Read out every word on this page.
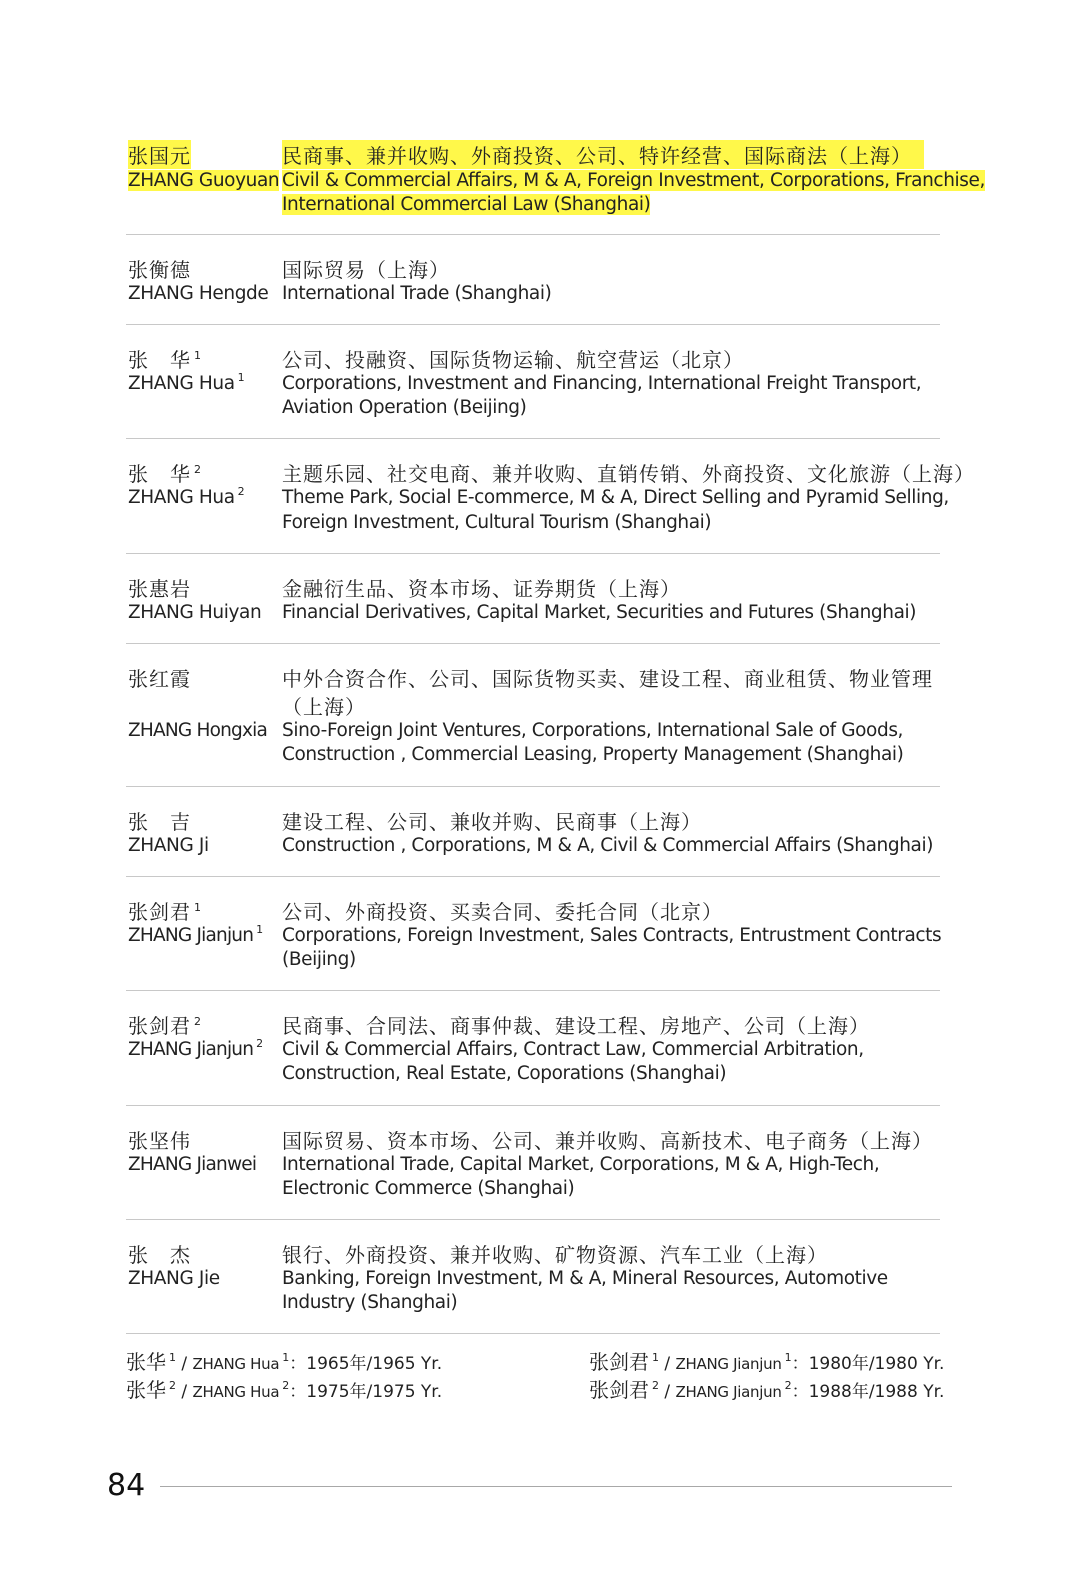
张国元
ZHANG Guoyuan
民商事、兼并收购、外商投资、公司、特许经营、国际商法（上海）
Civil & Commercial Affairs, M & A, Foreign Investment, Corporations, Franchise,
International Commercial Law (Shanghai)
张衡德
ZHANG Hengde
国际贸易（上海）
International Trade (Shanghai)
张　华 $^1$
ZHANG Hua $^1$
公司、投融资、国际货物运输、航空营运（北京）
Corporations, Investment and Financing, International Freight Transport,
Aviation Operation (Beijing)
张　华 $^2$
ZHANG Hua $^2$
主题乐园、社交电商、兼并收购、直销传销、外商投资、文化旅游（上海）
Theme Park, Social E-commerce, M & A, Direct Selling and Pyramid Selling,
Foreign Investment, Cultural Tourism (Shanghai)
张惠岩
ZHANG Huiyan
金融衍生品、资本市场、证券期货（上海）
Financial Derivatives, Capital Market, Securities and Futures (Shanghai)
张红霞
ZHANG Hongxia
中外合资合作、公司、国际货物买卖、建设工程、商业租赁、物业管理
（上海）
Sino-Foreign Joint Ventures, Corporations, International Sale of Goods,
Construction , Commercial Leasing, Property Management (Shanghai)
张　吉
ZHANG Ji
建设工程、公司、兼收并购、民商事（上海）
Construction , Corporations, M & A, Civil & Commercial Affairs (Shanghai)
张剑君 $^1$
ZHANG Jianjun $^1$
公司、外商投资、买卖合同、委托合同（北京）
Corporations, Foreign Investment, Sales Contracts, Entrustment Contracts
(Beijing)
张剑君 $^2$
ZHANG Jianjun $^2$
民商事、合同法、商事仲裁、建设工程、房地产、公司（上海）
Civil & Commercial Affairs, Contract Law, Commercial Arbitration,
Construction, Real Estate, Coporations (Shanghai)
张坚伟
ZHANG Jianwei
国际贸易、资本市场、公司、兼并收购、高新技术、电子商务（上海）
International Trade, Capital Market, Corporations, M & A, High-Tech,
Electronic Commerce (Shanghai)
张　杰
ZHANG Jie
银行、外商投资、兼并收购、矿物资源、汽车工业（上海）
Banking, Foreign Investment, M & A, Mineral Resources, Automotive
Industry (Shanghai)
张华 $^1$ / ZHANG Hua $^1$：1965年/1965 Yr.
张华 $^2$ / ZHANG Hua $^2$：1975年/1975 Yr.
张剑君 $^1$ / ZHANG Jianjun $^1$：1980年/1980 Yr.
张剑君 $^2$ / ZHANG Jianjun $^2$：1988年/1988 Yr.
84
